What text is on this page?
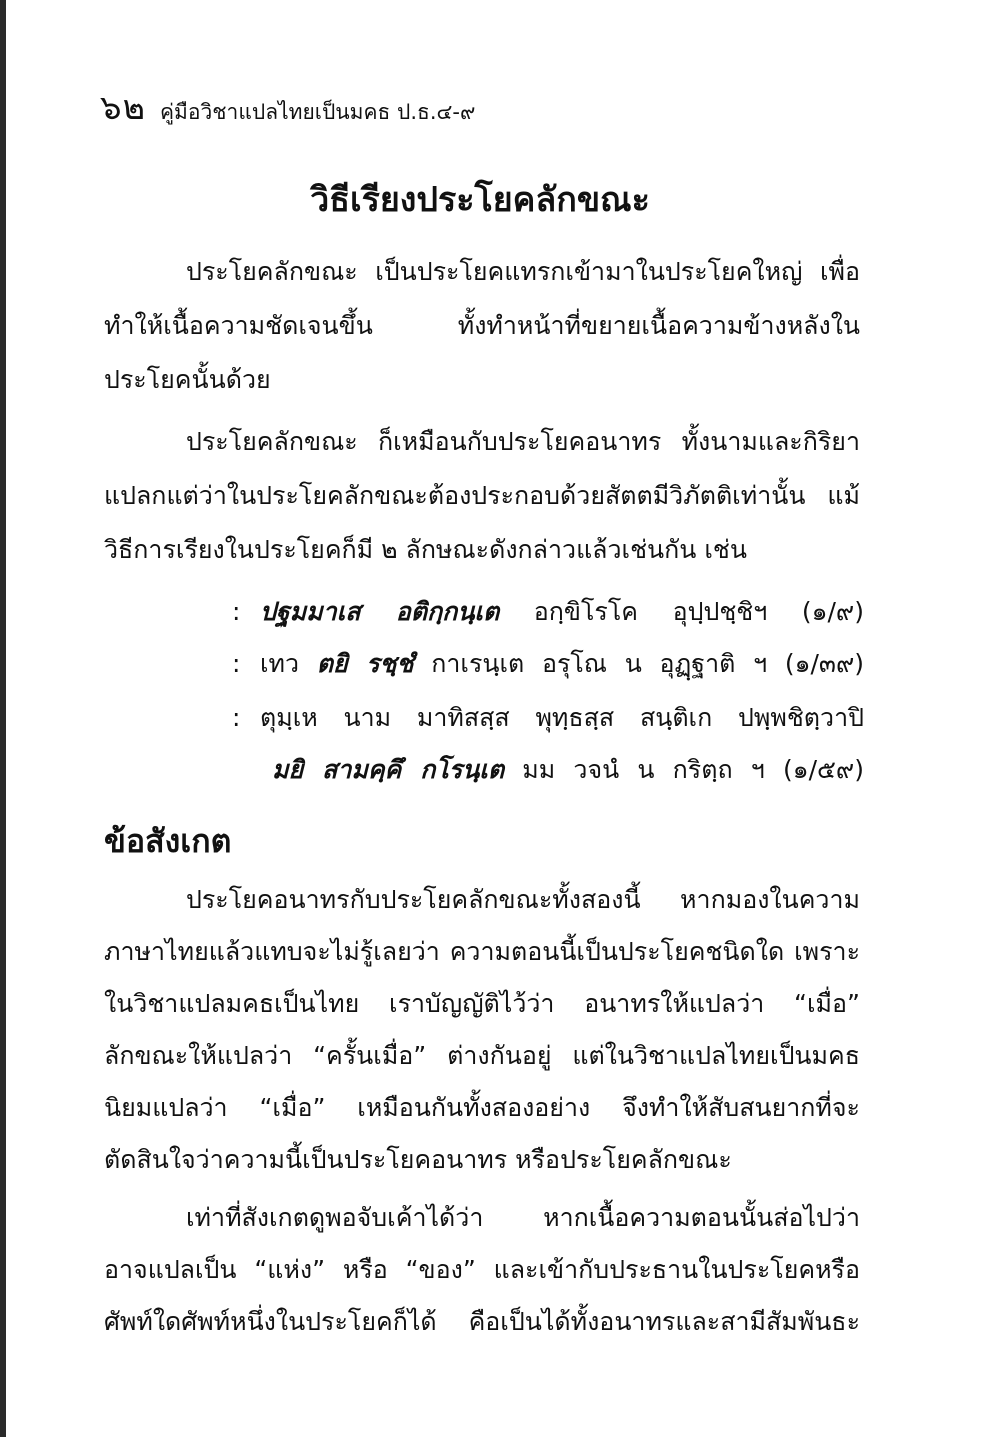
๖๒ คู่มือวิชาแปลไทยเป็นมคธ ป.ธ.๔-๙
วิธีเรียงประโยคลักขณะ
ประโยคลักขณะ เป็นประโยคแทรกเข้ามาในประโยคใหญ่ เพื่อ
ทำให้เนื้อความชัดเจนขึ้น ทั้งทำหน้าที่ขยายเนื้อความข้างหลังใน
ประโยคนั้นด้วย
ประโยคลักขณะ ก็เหมือนกับประโยคอนาทร ทั้งนามและกิริยา
แปลกแต่ว่าในประโยคลักขณะต้องประกอบด้วยสัตตมีวิภัตติเท่านั้น แม้
วิธีการเรียงในประโยคก็มี ๒ ลักษณะดังกล่าวแล้วเช่นกัน เช่น
: ปฐมมาเส อติกฺกนฺเต อกฺขิโรโค อุปฺปชฺชิฯ (๑/๙)
: เทว ตยิ รชฺชํ กาเรนฺเต อรุโณ น อุฏฺฐาติ ฯ (๑/๓๙)
: ตุมฺเห นาม มาทิสสฺส พุทฺธสฺส สนฺติเก ปพฺพชิตฺวาปิ
มยิ สามคฺคึ กโรนฺเต มม วจนํ น กริตฺถ ฯ (๑/๕๙)
ข้อสังเกต
ประโยคอนาทรกับประโยคลักขณะทั้งสองนี้ หากมองในความ
ภาษาไทยแล้วแทบจะไม่รู้เลยว่า ความตอนนี้เป็นประโยคชนิดใด เพราะ
ในวิชาแปลมคธเป็นไทย เราบัญญัติไว้ว่า อนาทรให้แปลว่า “เมื่อ”
ลักขณะให้แปลว่า “ครั้นเมื่อ” ต่างกันอยู่ แต่ในวิชาแปลไทยเป็นมคธ
นิยมแปลว่า “เมื่อ” เหมือนกันทั้งสองอย่าง จึงทำให้สับสนยากที่จะ
ตัดสินใจว่าความนี้เป็นประโยคอนาทร หรือประโยคลักขณะ
เท่าที่สังเกตดูพอจับเค้าได้ว่า หากเนื้อความตอนนั้นส่อไปว่า
อาจแปลเป็น “แห่ง” หรือ “ของ” และเข้ากับประธานในประโยคหรือ
ศัพท์ใดศัพท์หนึ่งในประโยคก็ได้ คือเป็นได้ทั้งอนาทรและสามีสัมพันธะ
